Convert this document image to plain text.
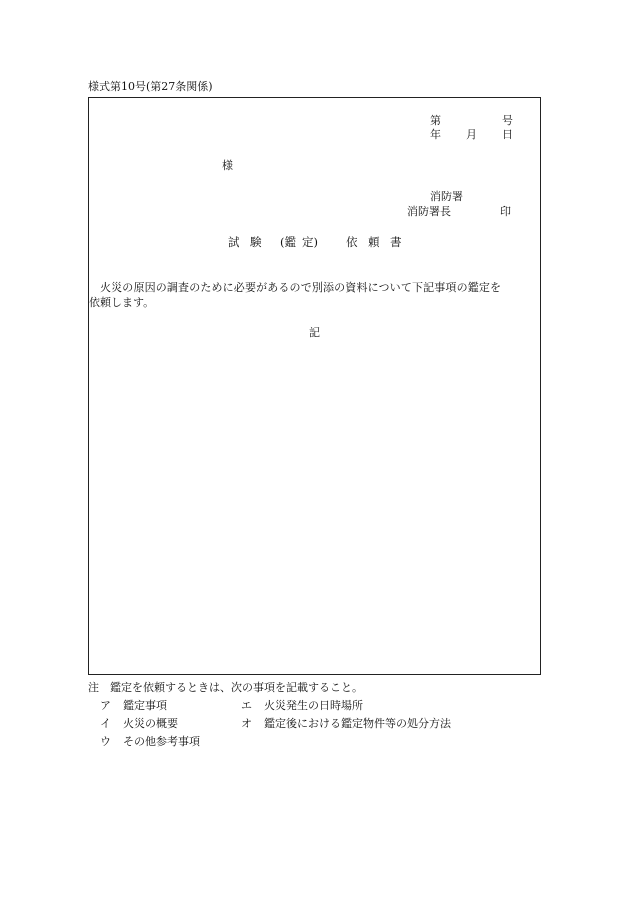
様式第10号(第27条関係)
第	号
年 月 日
様
消防署
消防署長	印
試 験 (鑑 定) 依 頼 書
火災の原因の調査のために必要があるので別添の資料について下記事項の鑑定を
依頼します。
記
注　鑑定を依頼するときは、次の事項を記載すること。
ア 鑑定事項
イ 火災の概要
ウ その他参考事項
エ 火災発生の日時場所
オ 鑑定後における鑑定物件等の処分方法
